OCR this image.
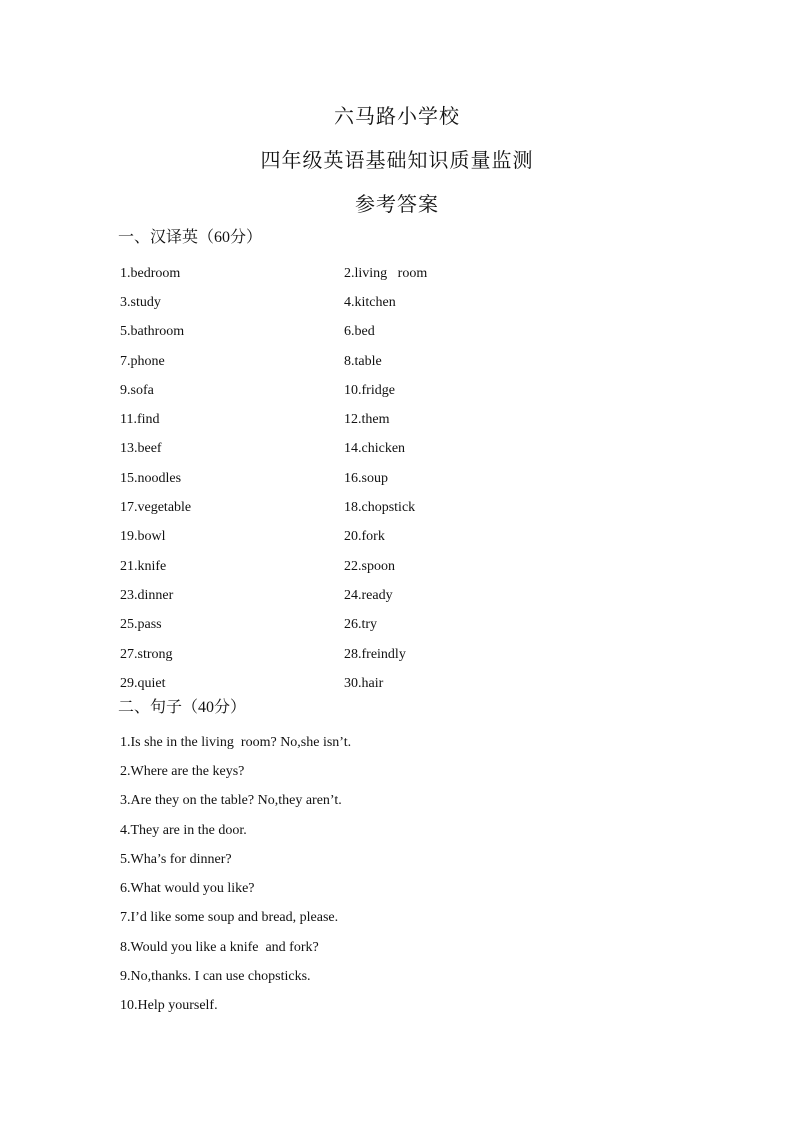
六马路小学校
四年级英语基础知识质量监测
参考答案
一、汉译英（60分）
1.bedroom	2.living   room
3.study	4.kitchen
5.bathroom	6.bed
7.phone	8.table
9.sofa	10.fridge
11.find	12.them
13.beef	14.chicken
15.noodles	16.soup
17.vegetable	18.chopstick
19.bowl	20.fork
21.knife	22.spoon
23.dinner	24.ready
25.pass	26.try
27.strong	28.freindly
29.quiet	30.hair
二、句子（40分）
1.Is she in the living  room? No,she isn’t.
2.Where are the keys?
3.Are they on the table? No,they aren’t.
4.They are in the door.
5.Wha’s for dinner?
6.What would you like?
7.I’d like some soup and bread, please.
8.Would you like a knife  and fork?
9.No,thanks. I can use chopsticks.
10.Help yourself.
